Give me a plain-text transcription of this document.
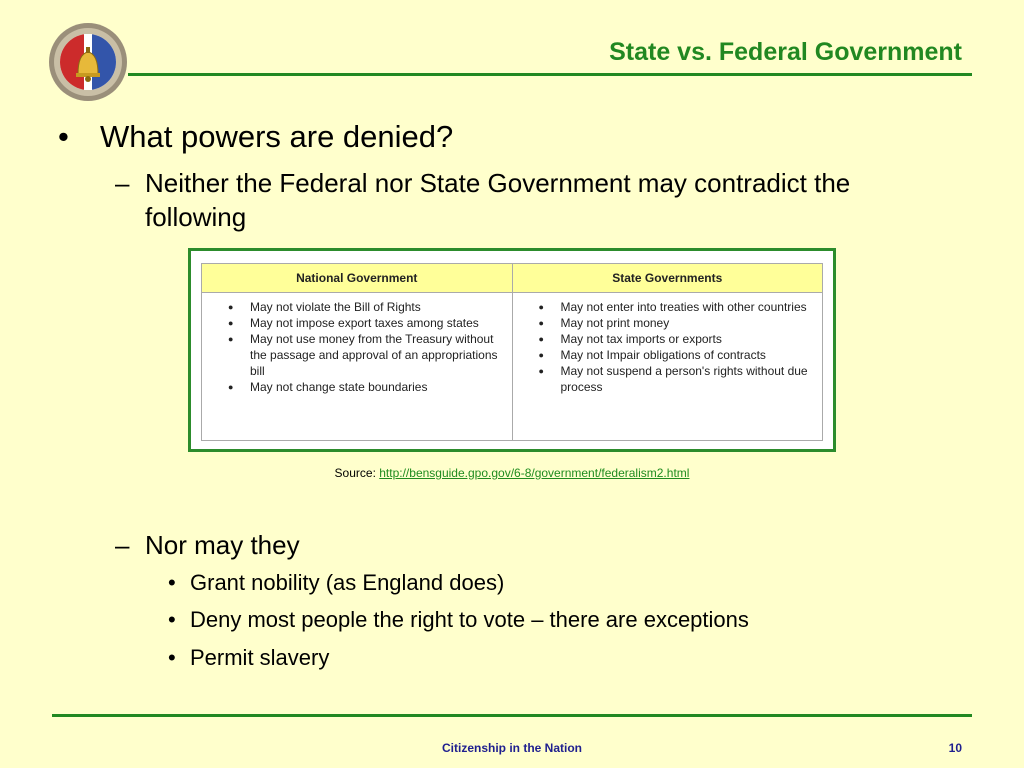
State vs. Federal Government
• What powers are denied?
– Neither the Federal nor State Government may contradict the following
National Government
● May not violate the Bill of Rights
● May not impose export taxes among states
● May not use money from the Treasury without the passage and approval of an appropriations bill
● May not change state boundaries
State Governments
● May not enter into treaties with other countries
● May not print money
● May not tax imports or exports
● May not Impair obligations of contracts
● May not suspend a person's rights without due process
Source: http://bensguide.gpo.gov/6-8/government/federalism2.html
– Nor may they
• Grant nobility (as England does)
• Deny most people the right to vote – there are exceptions
• Permit slavery
Citizenship in the Nation	10
